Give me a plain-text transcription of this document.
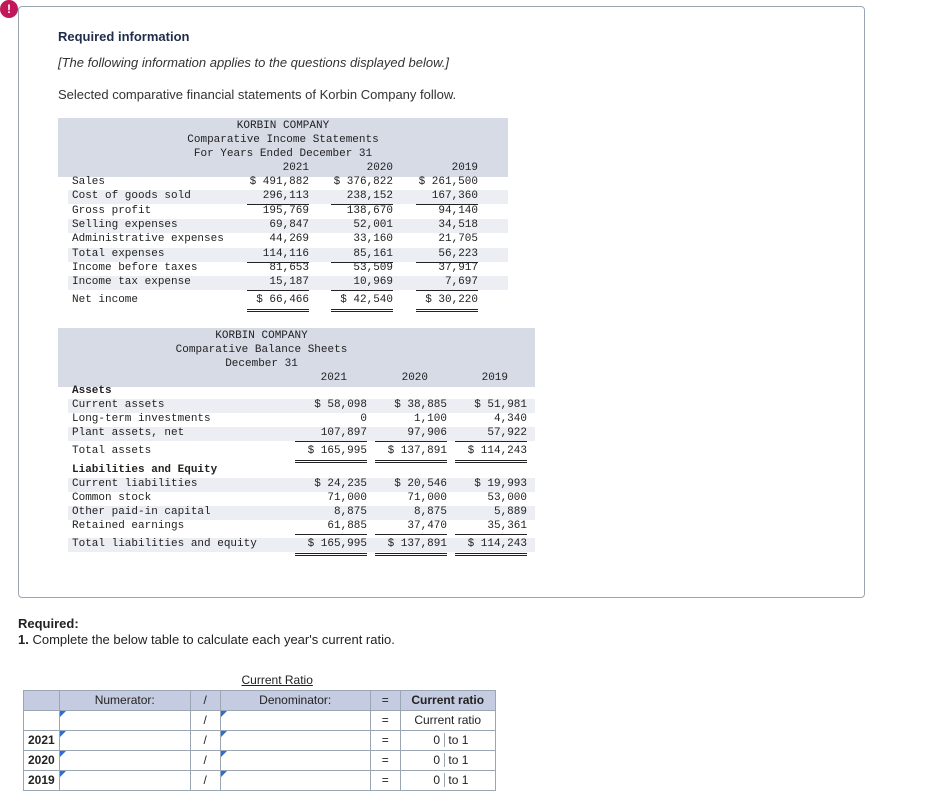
!
Required information
[The following information applies to the questions displayed below.]
Selected comparative financial statements of Korbin Company follow.
KORBIN COMPANY
Comparative Income Statements
For Years Ended December 31
2021	2020	2019
Sales	$ 491,882	$ 376,822	$ 261,500
Cost of goods sold	296,113	238,152	167,360
Gross profit	195,769	138,670	94,140
Selling expenses	69,847	52,001	34,518
Administrative expenses	44,269	33,160	21,705
Total expenses	114,116	85,161	56,223
Income before taxes	81,653	53,509	37,917
Income tax expense	15,187	10,969	7,697
Net income	$ 66,466	$ 42,540	$ 30,220
KORBIN COMPANY
Comparative Balance Sheets
December 31
2021	2020	2019
Assets
Liabilities and Equity
Current assets	$ 58,098	$ 38,885	$ 51,981
Long-term investments	0	1,100	4,340
Plant assets, net	107,897	97,906	57,922
Total assets	$ 165,995	$ 137,891	$ 114,243
Current liabilities	$ 24,235	$ 20,546	$ 19,993
Common stock	71,000	71,000	53,000
Other paid-in capital	8,875	8,875	5,889
Retained earnings	61,885	37,470	35,361
Total liabilities and equity	$ 165,995	$ 137,891	$ 114,243
Required:
1. Complete the below table to calculate each year's current ratio.
	Current Ratio				
	Numerator:	/	Denominator:	=	Current ratio

	/		=	Current ratio
2021		/		=	0 to 1
2020		/		=	0 to 1
2019		/		=	0 to 1
